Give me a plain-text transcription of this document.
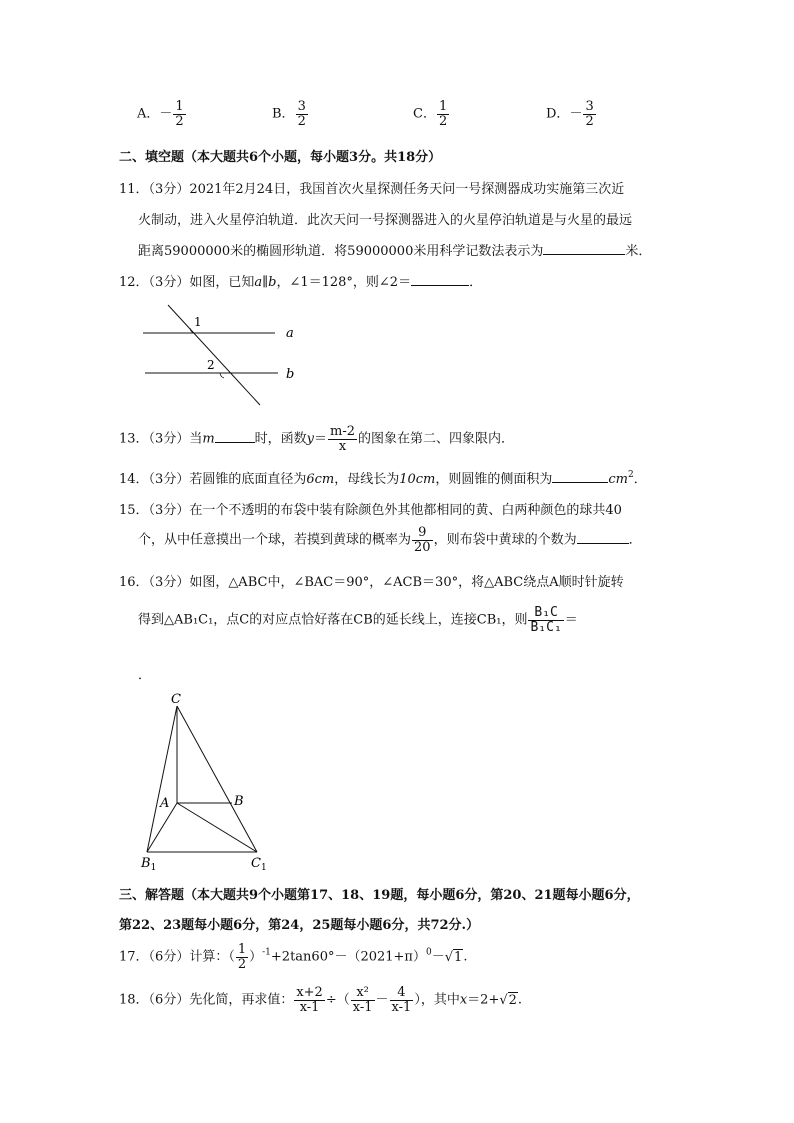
A．－ $\frac{1}{2}$	B． $\frac{3}{2}$	C． $\frac{1}{2}$	D．－ $\frac{3}{2}$
二、填空题（本大题共6个小题，每小题3分。共18分）
11．（3分）2021年2月24日，我国首次火星探测任务天问一号探测器成功实施第三次近
火制动，进入火星停泊轨道．此次天问一号探测器进入的火星停泊轨道是与火星的最远
距离59000000米的椭圆形轨道．将59000000米用科学记数法表示为	米．
12．（3分）如图，已知a∥b，∠1＝128°，则∠2＝	．
1
2
a
b
13．（3分）当m	时，函数$y= \frac{m-2}{x}$ 的图象在第二、四象限内．
14．（3分）若圆锥的底面直径为6cm，母线长为10cm，则圆锥的侧面积为	$cm^2$．
15．（3分）在一个不透明的布袋中装有除颜色外其他都相同的黄、白两种颜色的球共40
个，从中任意摸出一个球，若摸到黄球的概率为 $\frac{9}{20}$ ，则布袋中黄球的个数为	．
16．（3分）如图，△ABC中，∠BAC＝90°，∠ACB＝30°，将△ABC绕点A顺时针旋转
得到△AB₁C₁，点C的对应点恰好落在CB的延长线上，连接CB₁，则 $\frac{\text{B₁C}}{\text{B₁C₁}}$ ＝
．
C
A	B
$B_1$	$C_1$
三、解答题（本大题共9个小题第17、18、19题，每小题6分，第20、21题每小题6分，
第22、23题每小题6分，第24，25题每小题6分，共72分.）
17．（6分）计算：（ $\frac{1}{2} )^{-1}+2\tan 60^\circ-(2021+\pi)^0-√1$.
18．（6分）先化简，再求值： $\frac{x+2}{x-1}$ ÷（ $\frac{\text{x²}}{x-1} - \frac{4}{x-1}$ ），其中x＝2+√2.
